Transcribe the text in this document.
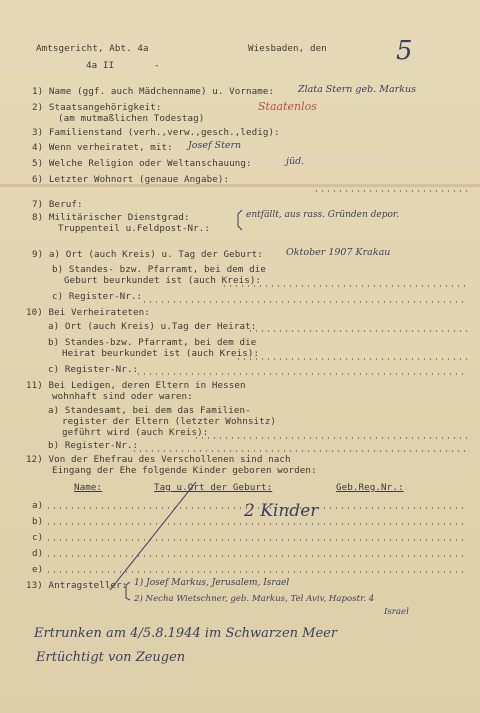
Amtsgericht, Abt. 4a	Wiesbaden, den
4a II	-	5
1) Name (ggf. auch Mädchenname) u. Vorname:	Zlata Stern geb. Markus
2) Staatsangehörigkeit:
(am mutmaßlichen Todestag)
Staatenlos
3) Familienstand (verh.,verw.,gesch.,ledig):
4) Wenn verheiratet, mit: Josef Stern
5) Welche Religion oder Weltanschauung:	jüd.
6) Letzter Wohnort (genaue Angabe):
7) Beruf:
8) Militärischer Dienstgrad:
Truppenteil u.Feldpost-Nr.:
entfällt, aus rass. Gründen depor.
9) a) Ort (auch Kreis) u. Tag der Geburt: Oktober 1907 Krakau
b) Standes- bzw. Pfarramt, bei dem die
Geburt beurkundet ist (auch Kreis):
c) Register-Nr.:
10) Bei Verheirateten:
a) Ort (auch Kreis) u.Tag der Heirat:
b) Standes-bzw. Pfarramt, bei dem die
Heirat beurkundet ist (auch Kreis):
c) Register-Nr.:
11) Bei Ledigen, deren Eltern in Hessen
wohnhaft sind oder waren:
a) Standesamt, bei dem das Familien-
register der Eltern (letzter Wohnsitz)
geführt wird (auch Kreis):
b) Register-Nr.:
12) Von der Ehefrau des Verschollenen sind nach
Eingang der Ehe folgende Kinder geboren worden:
Name:	Tag u.Ort der Geburt:	Geb.Reg.Nr.:
a)
b)
c)
d)
e)
2 Kinder
13) Antragsteller: 1) Josef Markus, Jerusalem, Israel
2) Necha Wietschner, geb. Markus, Tel Aviv, Hapostr. 4
Israel
Ertrunken am 4/5.8.1944 im Schwarzen Meer
Ertüchtigt von Zeugen
